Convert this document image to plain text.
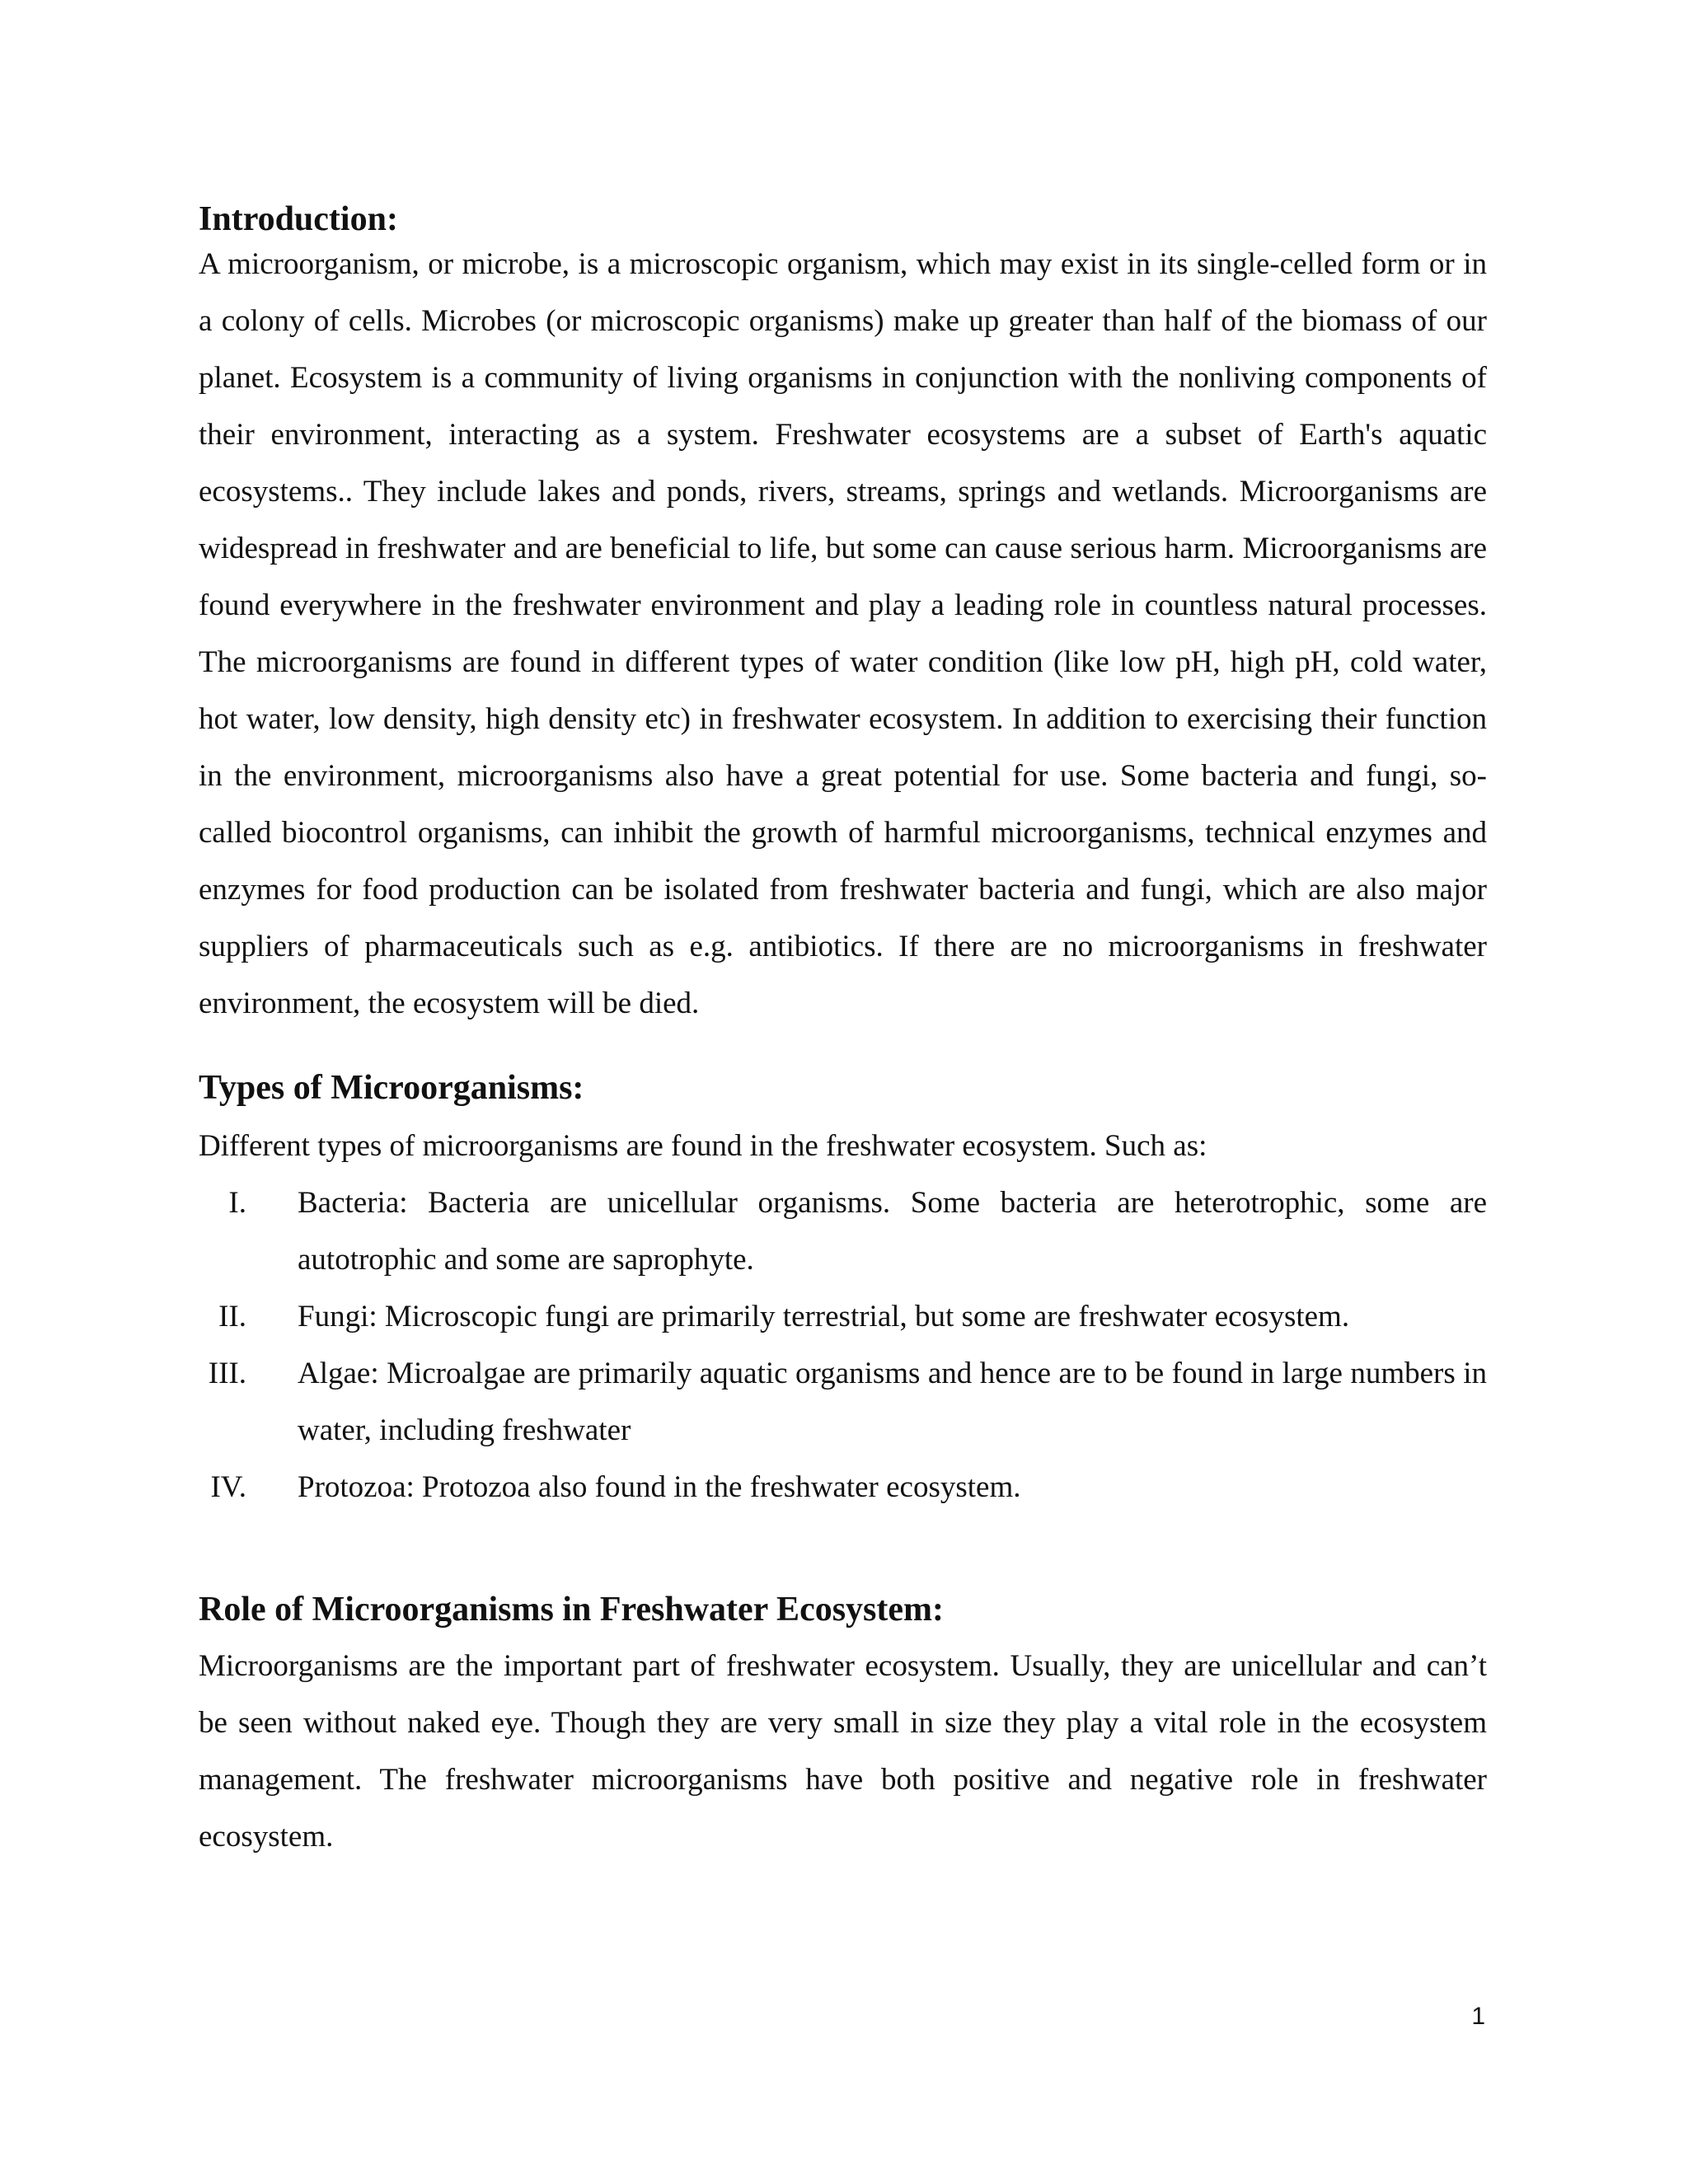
Introduction:

A microorganism, or microbe, is a microscopic organism, which may exist in its single-celled form or in a colony of cells. Microbes (or microscopic organisms) make up greater than half of the biomass of our planet. Ecosystem is a community of living organisms in conjunction with the nonliving components of their environment, interacting as a system. Freshwater ecosystems are a subset of Earth's aquatic ecosystems.. They include lakes and ponds, rivers, streams, springs and wetlands. Microorganisms are widespread in freshwater and are beneficial to life, but some can cause serious harm. Microorganisms are found everywhere in the freshwater environment and play a leading role in countless natural processes. The microorganisms are found in different types of water condition (like low pH, high pH, cold water, hot water, low density, high density etc) in freshwater ecosystem. In addition to exercising their function in the environment, microorganisms also have a great potential for use. Some bacteria and fungi, so-called biocontrol organisms, can inhibit the growth of harmful microorganisms, technical enzymes and enzymes for food production can be isolated from freshwater bacteria and fungi, which are also major suppliers of pharmaceuticals such as e.g. antibiotics. If there are no microorganisms in freshwater environment, the ecosystem will be died.

Types of Microorganisms:

Different types of microorganisms are found in the freshwater ecosystem. Such as:

I. Bacteria: Bacteria are unicellular organisms. Some bacteria are heterotrophic, some are autotrophic and some are saprophyte.
II. Fungi: Microscopic fungi are primarily terrestrial, but some are freshwater ecosystem.
III. Algae: Microalgae are primarily aquatic organisms and hence are to be found in large numbers in water, including freshwater
IV. Protozoa: Protozoa also found in the freshwater ecosystem.
Role of Microorganisms in Freshwater Ecosystem:

Microorganisms are the important part of freshwater ecosystem. Usually, they are unicellular and can’t be seen without naked eye. Though they are very small in size they play a vital role in the ecosystem management. The freshwater microorganisms have both positive and negative role in freshwater ecosystem.

1
